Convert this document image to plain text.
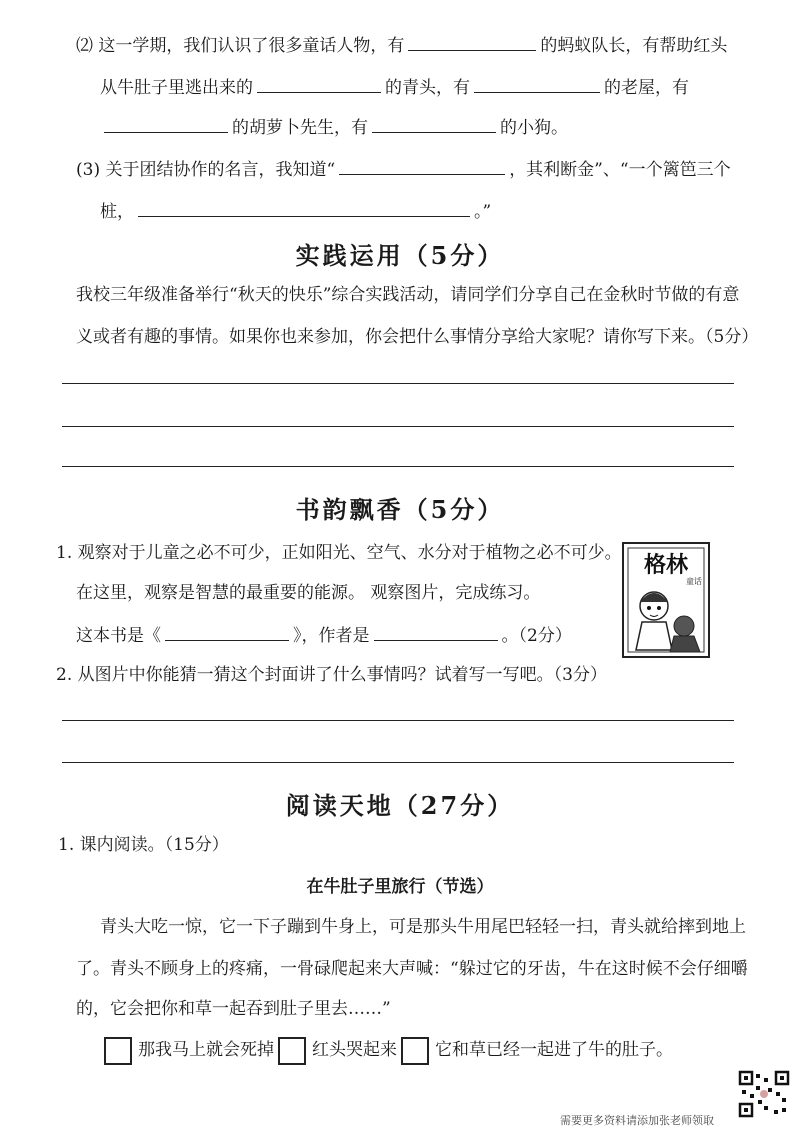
⑵ 这一学期，我们认识了很多童话人物，有	的蚂蚁队长，有帮助红头
从牛肚子里逃出来的	的青头，有	的老屋，有
的胡萝卜先生，有	的小狗。
(3) 关于团结协作的名言，我知道“	，其利断金”、“一个篱笆三个
桩，	。”
实践运用（5分）
我校三年级准备举行“秋天的快乐”综合实践活动，请同学们分享自己在金秋时节做的有意
义或者有趣的事情。如果你也来参加，你会把什么事情分享给大家呢？请你写下来。（5分）
书韵飘香（5分）
1. 观察对于儿童之必不可少，正如阳光、空气、水分对于植物之必不可少。
在这里，观察是智慧的最重要的能源。 观察图片，完成练习。
这本书是《	》，作者是	。（2分）
2. 从图片中你能猜一猜这个封面讲了什么事情吗？试着写一写吧。（3分）
格林
童话
阅读天地（27分）
1. 课内阅读。（15分）
在牛肚子里旅行（节选）
青头大吃一惊，它一下子蹦到牛身上，可是那头牛用尾巴轻轻一扫，青头就给摔到地上
了。青头不顾身上的疼痛，一骨碌爬起来大声喊：“躲过它的牙齿，牛在这时候不会仔细嚼
的，它会把你和草一起吞到肚子里去……”
那我马上就会死掉 红头哭起来 它和草已经一起进了牛的肚子。
需要更多资料请添加张老师领取
